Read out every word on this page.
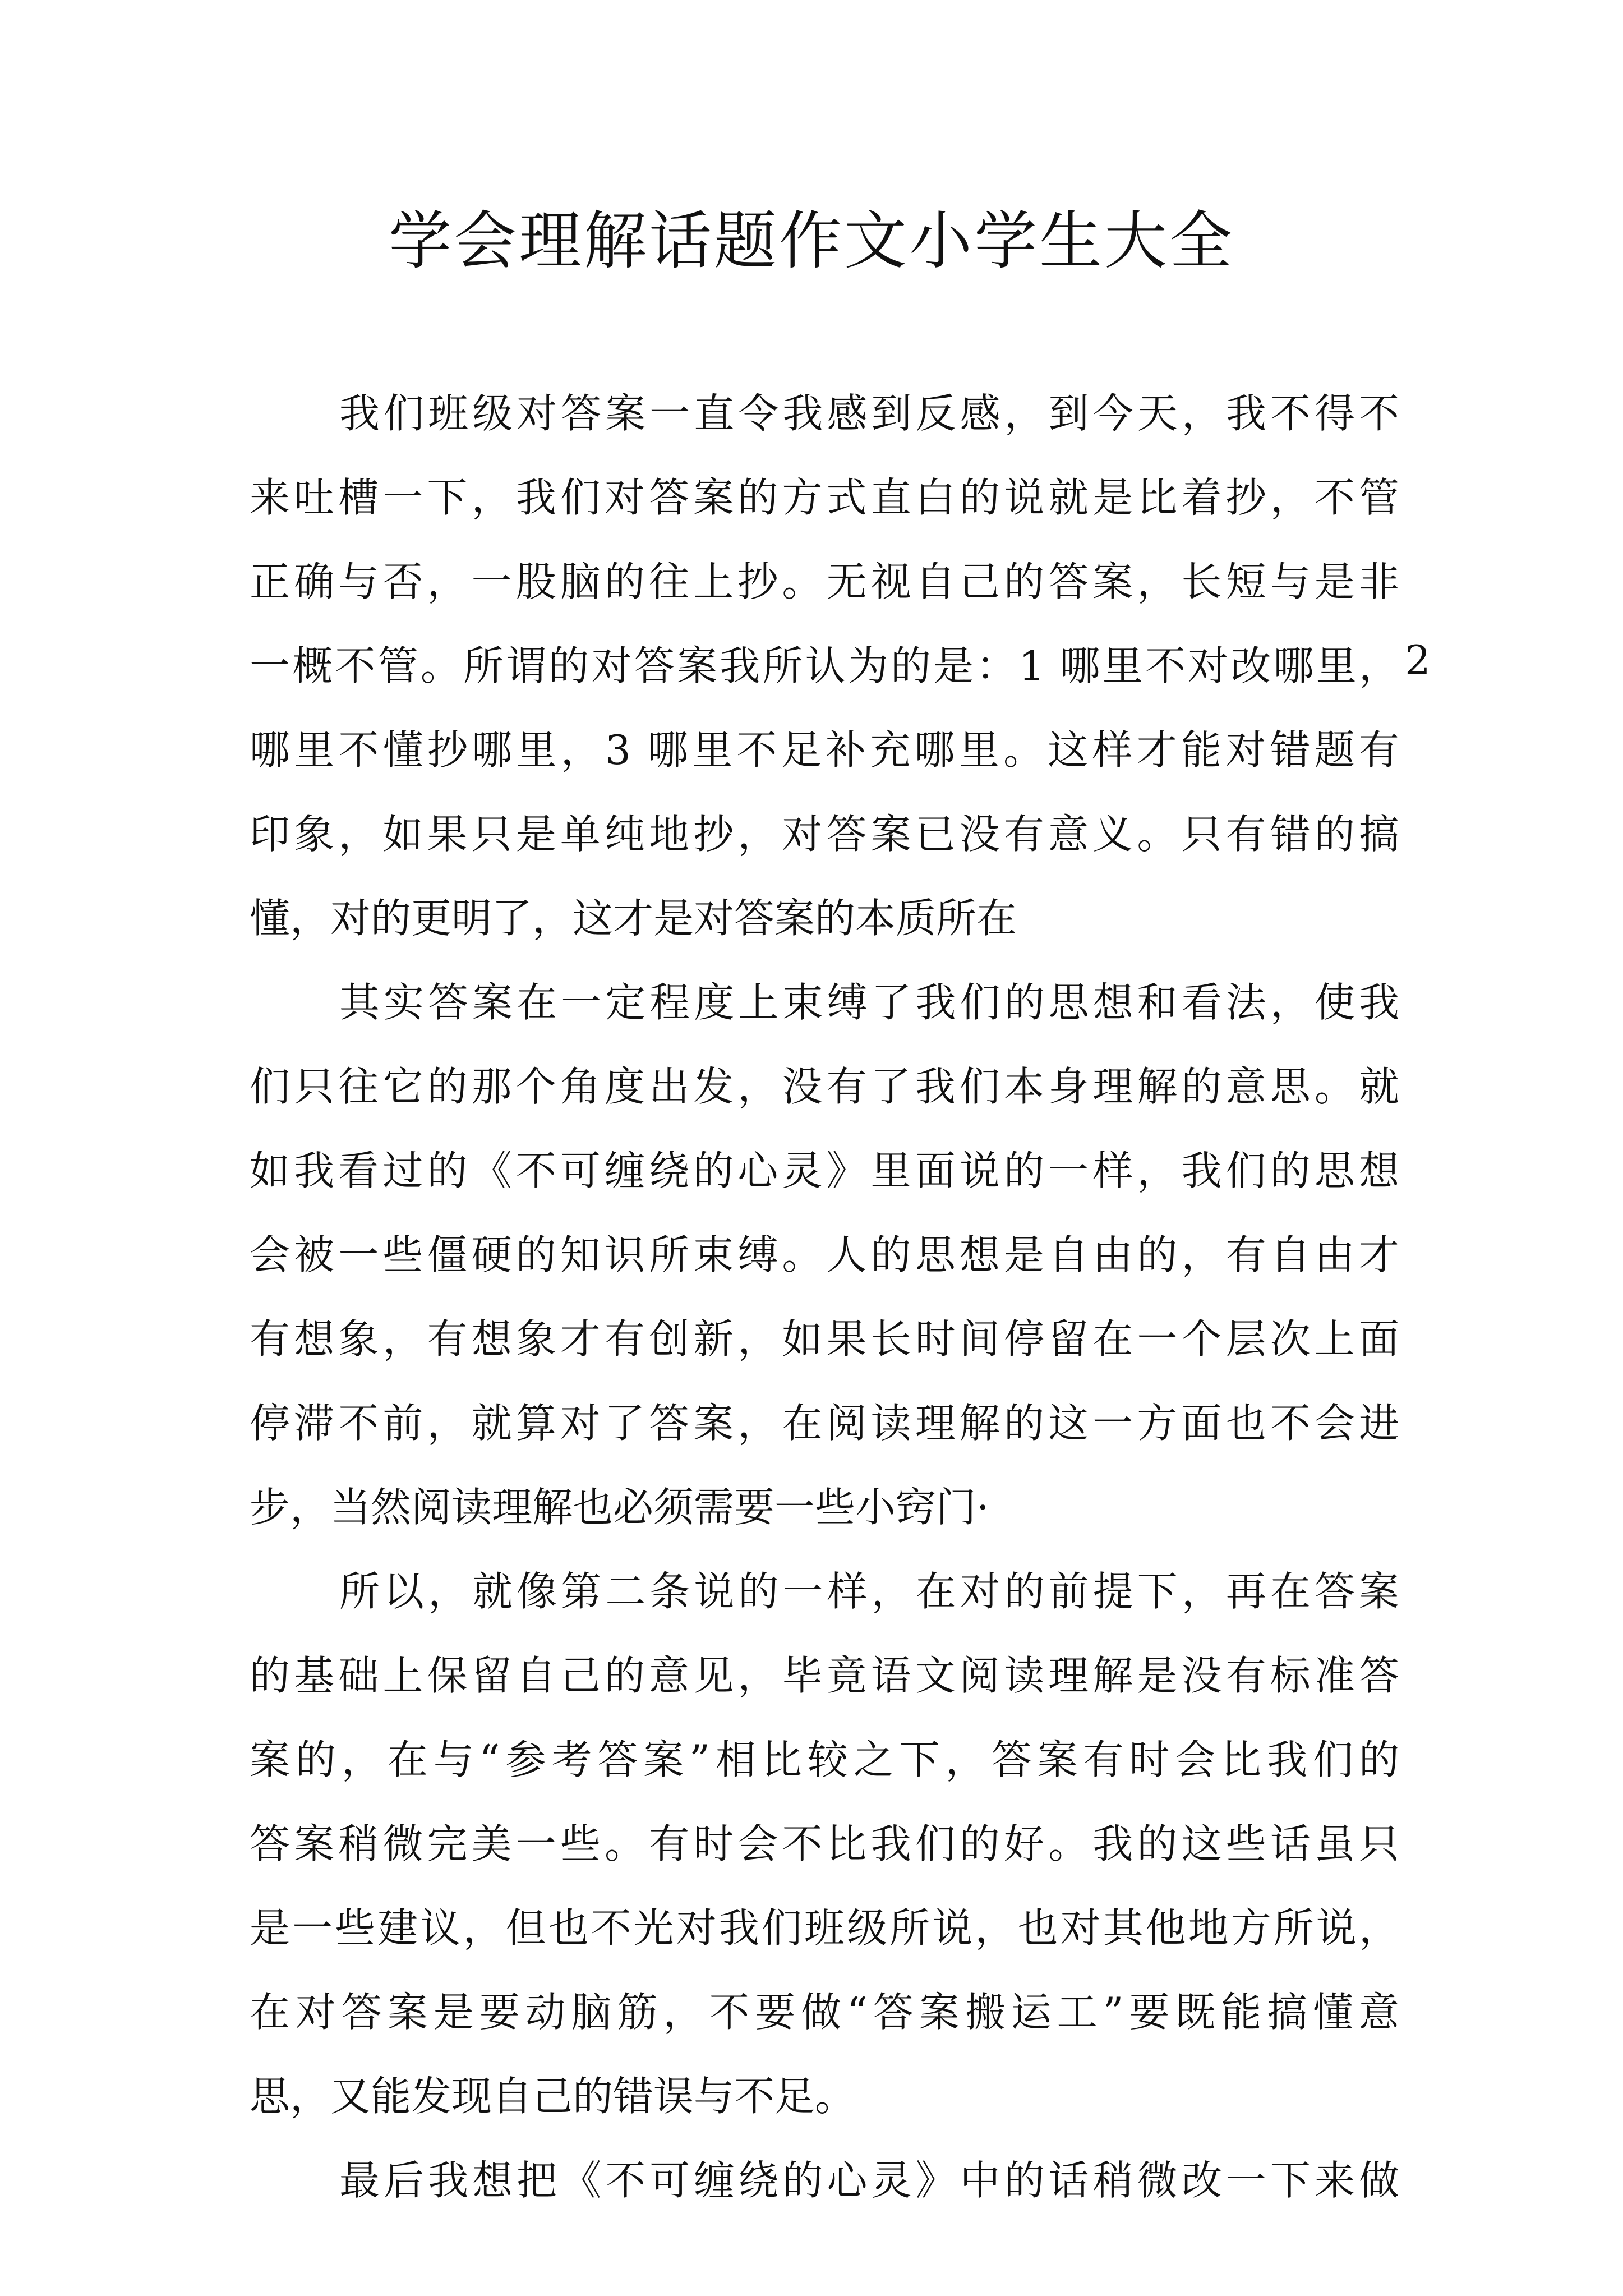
学会理解话题作文小学生大全

我们班级对答案一直令我感到反感，到今天，我不得不
来吐槽一下，我们对答案的方式直白的说就是比着抄，不管
正确与否，一股脑的往上抄。无视自己的答案，长短与是非
一概不管。所谓的对答案我所认为的是：1 哪里不对改哪里， 2
哪里不懂抄哪里，3 哪里不足补充哪里。这样才能对错题有
印象，如果只是单纯地抄，对答案已没有意义。只有错的搞
懂，对的更明了，这才是对答案的本质所在

其实答案在一定程度上束缚了我们的思想和看法，使我
们只往它的那个角度出发，没有了我们本身理解的意思。就
如我看过的《不可缠绕的心灵》里面说的一样，我们的思想
会被一些僵硬的知识所束缚。人的思想是自由的，有自由才
有想象，有想象才有创新，如果长时间停留在一个层次上面
停滞不前，就算对了答案，在阅读理解的这一方面也不会进
步，当然阅读理解也必须需要一些小窍门·

所以，就像第二条说的一样，在对的前提下，再在答案
的基础上保留自己的意见，毕竟语文阅读理解是没有标准答
案的，在与“参考答案”相比较之下，答案有时会比我们的
答案稍微完美一些。有时会不比我们的好。我的这些话虽只
是一些建议，但也不光对我们班级所说，也对其他地方所说，
在对答案是要动脑筋，不要做“答案搬运工”要既能搞懂意
思，又能发现自己的错误与不足。

最后我想把《不可缠绕的心灵》中的话稍微改一下来做
